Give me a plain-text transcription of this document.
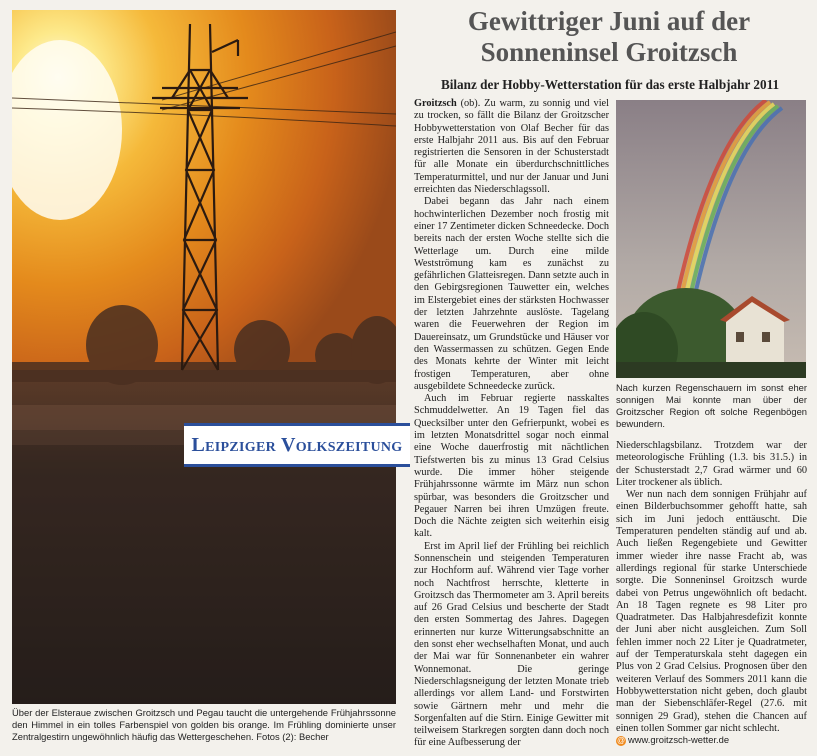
Leipziger Volkszeitung
Über der Elsteraue zwischen Groitzsch und Pegau taucht die untergehende Frühjahrssonne den Himmel in ein tolles Farbenspiel von golden bis orange. Im Frühling dominierte unser Zentralgestirn ungewöhnlich häufig das Wettergeschehen. Fotos (2): Becher
Gewittriger Juni auf der Sonneninsel Groitzsch
Bilanz der Hobby-Wetterstation für das erste Halbjahr 2011

Groitzsch (ob). Zu warm, zu sonnig und viel zu trocken, so fällt die Bilanz der Groitzscher Hobbywetterstation von Olaf Becher für das erste Halbjahr 2011 aus. Bis auf den Februar registrierten die Sensoren in der Schusterstadt für alle Monate ein überdurchschnittliches Temperaturmittel, und nur der Januar und Juni erreichten das Niederschlagssoll.

Dabei begann das Jahr nach einem hochwinterlichen Dezember noch frostig mit einer 17 Zentimeter dicken Schneedecke. Doch bereits nach der ersten Woche stellte sich die Wetterlage um. Durch eine milde Westströmung kam es zunächst zu gefährlichen Glatteisregen. Dann setzte auch in den Gebirgsregionen Tauwetter ein, welches im Elstergebiet eines der stärksten Hochwasser der letzten Jahrzehnte auslöste. Tagelang waren die Feuerwehren der Region im Dauereinsatz, um Grundstücke und Häuser vor den Wassermassen zu schützen. Gegen Ende des Monats kehrte der Winter mit leicht frostigen Temperaturen, aber ohne ausgebildete Schneedecke zurück.

Auch im Februar regierte nasskaltes Schmuddelwetter. An 19 Tagen fiel das Quecksilber unter den Gefrierpunkt, wobei es im letzten Monatsdrittel sogar noch einmal eine Woche dauerfrostig mit nächtlichen Tiefstwerten bis zu minus 13 Grad Celsius wurde. Die immer höher steigende Frühjahrssonne wärmte im März nun schon spürbar, was besonders die Groitzscher und Pegauer Narren bei ihren Umzügen freute. Doch die Nächte zeigten sich weiterhin eisig kalt.

Erst im April lief der Frühling bei reichlich Sonnenschein und steigenden Temperaturen zur Hochform auf. Während vier Tage vorher noch Nachtfrost herrschte, kletterte in Groitzsch das Thermometer am 3. April bereits auf 26 Grad Celsius und bescherte der Stadt den ersten Sommertag des Jahres. Dagegen erinnerten nur kurze Witterungsabschnitte an den sonst eher wechselhaften Monat, und auch der Mai war für Sonnenanbeter ein wahrer Wonnemonat. Die geringe Niederschlagsneigung der letzten Monate trieb allerdings vor allem Land- und Forstwirten sowie Gärtnern mehr und mehr die Sorgenfalten auf die Stirn. Einige Gewitter mit teilweisem Starkregen sorgten dann doch noch für eine Aufbesserung der

Nach kurzen Regenschauern im sonst eher sonnigen Mai konnte man über der Groitzscher Region oft solche Regenbögen bewundern.

Niederschlagsbilanz. Trotzdem war der meteorologische Frühling (1.3. bis 31.5.) in der Schusterstadt 2,7 Grad wärmer und 60 Liter trockener als üblich.

Wer nun nach dem sonnigen Frühjahr auf einen Bilderbuchsommer gehofft hatte, sah sich im Juni jedoch enttäuscht. Die Temperaturen pendelten ständig auf und ab. Auch ließen Regengebiete und Gewitter immer wieder ihre nasse Fracht ab, was allerdings regional für starke Unterschiede sorgte. Die Sonneninsel Groitzsch wurde dabei von Petrus ungewöhnlich oft bedacht. An 18 Tagen regnete es 98 Liter pro Quadratmeter. Das Halbjahresdefizit konnte der Juni aber nicht ausgleichen. Zum Soll fehlen immer noch 22 Liter je Quadratmeter, auf der Temperaturskala steht dagegen ein Plus von 2 Grad Celsius. Prognosen über den weiteren Verlauf des Sommers 2011 kann die Hobbywetterstation nicht geben, doch glaubt man der Siebenschläfer-Regel (27.6. mit sonnigen 29 Grad), stehen die Chancen auf einen tollen Sommer gar nicht schlecht.

@ www.groitzsch-wetter.de
